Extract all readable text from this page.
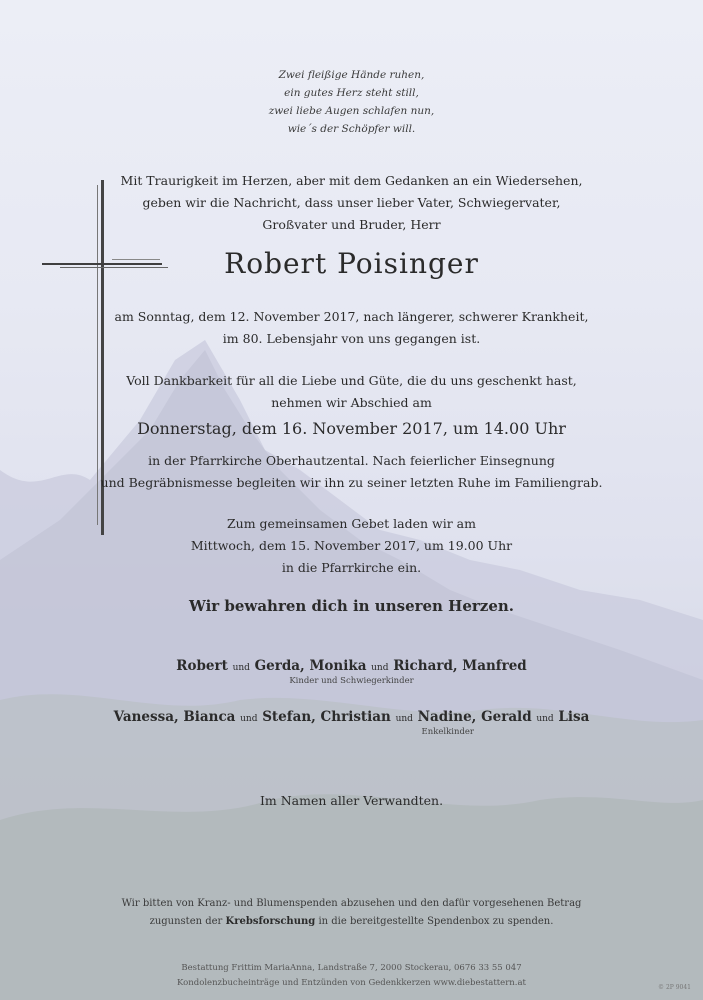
Zwei fleißige Hände ruhen,
ein gutes Herz steht still,
zwei liebe Augen schlafen nun,
wie´s der Schöpfer will.
Mit Traurigkeit im Herzen, aber mit dem Gedanken an ein Wiedersehen,
geben wir die Nachricht, dass unser lieber Vater, Schwiegervater,
Großvater und Bruder, Herr
Robert Poisinger
am Sonntag, dem 12. November 2017, nach längerer, schwerer Krankheit,
im 80. Lebensjahr von uns gegangen ist.
Voll Dankbarkeit für all die Liebe und Güte, die du uns geschenkt hast,
nehmen wir Abschied am
Donnerstag, dem 16. November 2017, um 14.00 Uhr
in der Pfarrkirche Oberhautzental. Nach feierlicher Einsegnung
und Begräbnismesse begleiten wir ihn zu seiner letzten Ruhe im Familiengrab.
Zum gemeinsamen Gebet laden wir am
Mittwoch, dem 15. November 2017, um 19.00 Uhr
in die Pfarrkirche ein.
Wir bewahren dich in unseren Herzen.
Robert und Gerda, Monika und Richard, Manfred
Kinder und Schwiegerkinder
Vanessa, Bianca und Stefan, Christian und Nadine, Gerald und Lisa
Enkelkinder
Im Namen aller Verwandten.
Wir bitten von Kranz- und Blumenspenden abzusehen und den dafür vorgesehenen Betrag
zugunsten der Krebsforschung in die bereitgestellte Spendenbox zu spenden.
Bestattung Frittim MariaAnna, Landstraße 7, 2000 Stockerau, 0676 33 55 047
Kondolenzbucheinträge und Entzünden von Gedenkkerzen www.diebestattern.at	© 2P 9041
